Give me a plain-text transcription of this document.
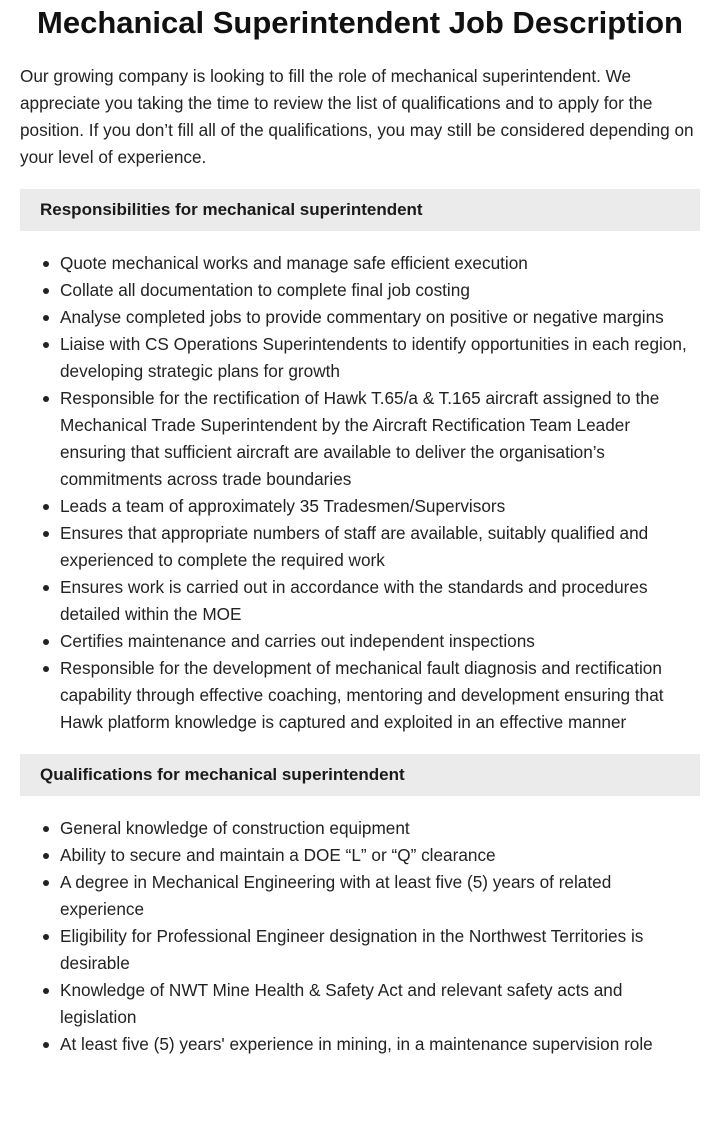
Mechanical Superintendent Job Description

Our growing company is looking to fill the role of mechanical superintendent. We appreciate you taking the time to review the list of qualifications and to apply for the position. If you don’t fill all of the qualifications, you may still be considered depending on your level of experience.

Responsibilities for mechanical superintendent
Quote mechanical works and manage safe efficient execution
Collate all documentation to complete final job costing
Analyse completed jobs to provide commentary on positive or negative margins
Liaise with CS Operations Superintendents to identify opportunities in each region, developing strategic plans for growth
Responsible for the rectification of Hawk T.65/a & T.165 aircraft assigned to the Mechanical Trade Superintendent by the Aircraft Rectification Team Leader ensuring that sufficient aircraft are available to deliver the organisation’s commitments across trade boundaries
Leads a team of approximately 35 Tradesmen/Supervisors
Ensures that appropriate numbers of staff are available, suitably qualified and experienced to complete the required work
Ensures work is carried out in accordance with the standards and procedures detailed within the MOE
Certifies maintenance and carries out independent inspections
Responsible for the development of mechanical fault diagnosis and rectification capability through effective coaching, mentoring and development ensuring that Hawk platform knowledge is captured and exploited in an effective manner
Qualifications for mechanical superintendent
General knowledge of construction equipment
Ability to secure and maintain a DOE “L” or “Q” clearance
A degree in Mechanical Engineering with at least five (5) years of related experience
Eligibility for Professional Engineer designation in the Northwest Territories is desirable
Knowledge of NWT Mine Health & Safety Act and relevant safety acts and legislation
At least five (5) years' experience in mining, in a maintenance supervision role
